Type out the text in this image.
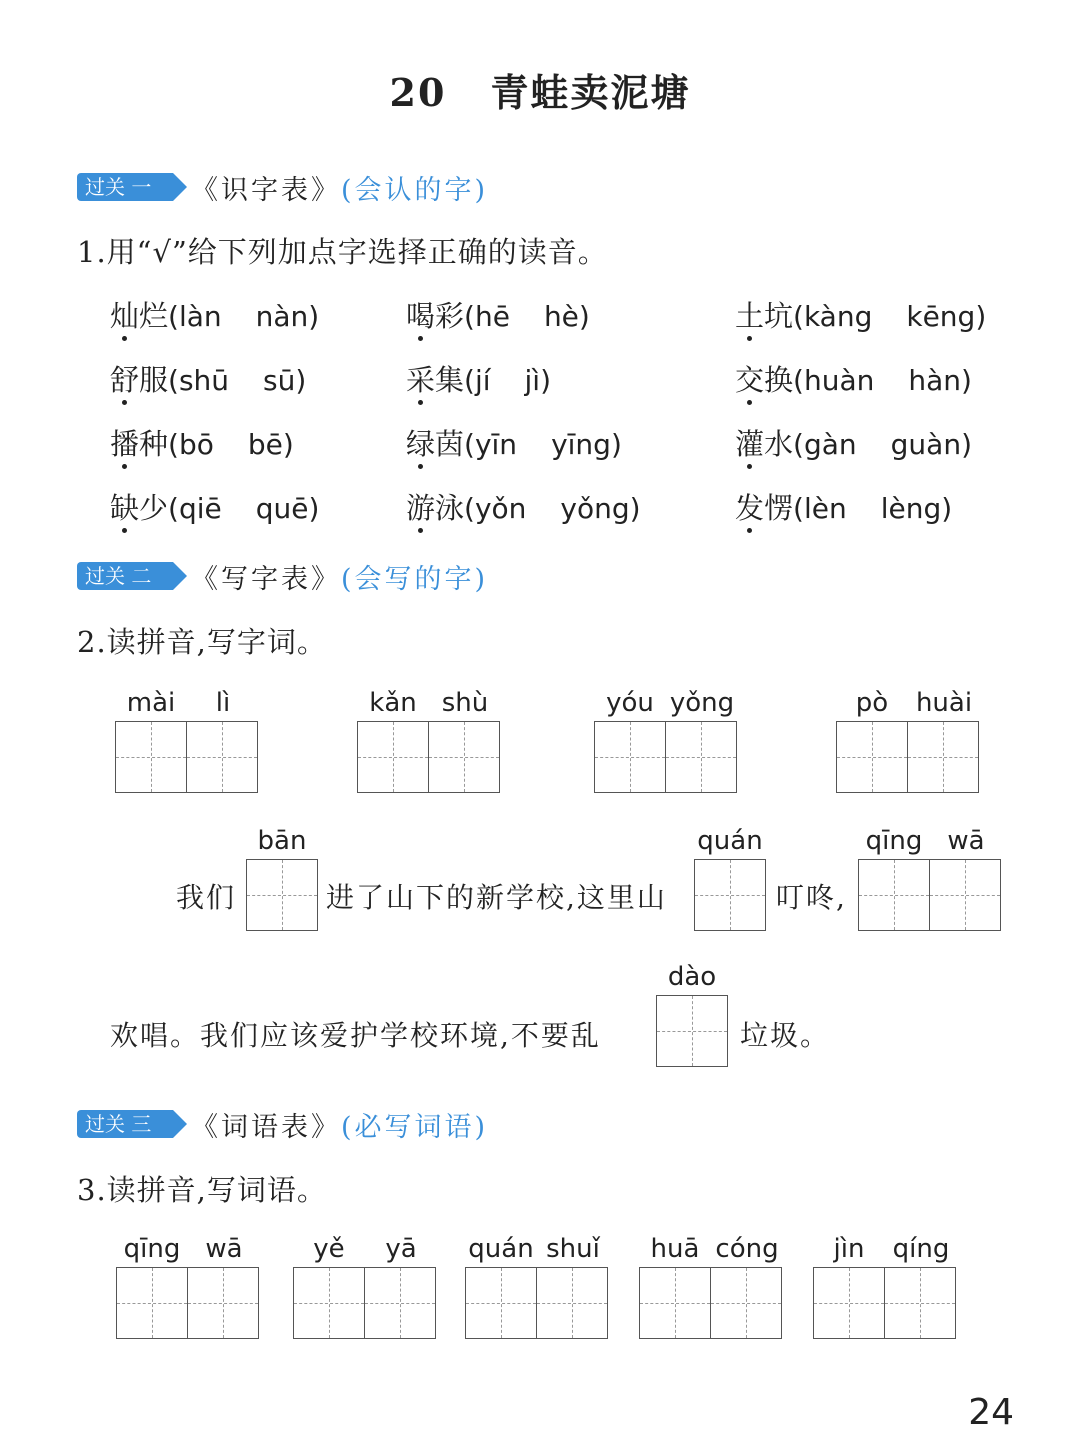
20 青蛙卖泥塘
过关 一	《识字表》(会认的字)
1.用“√”给下列加点字选择正确的读音。
灿烂(làn nàn)	喝彩(hē hè)	土坑(kàng kēng)
舒服(shū sū)	采集(jí jì)	交换(huàn hàn)
播种(bō bē)	绿茵(yīn yīng)	灌水(gàn guàn)
缺少(qiē quē)	游泳(yǒn yǒng)	发愣(lèn lèng)
过关 二	《写字表》(会写的字)
2.读拼音,写字词。
mài	lì	kǎn shù	yóu yǒng	pò	huài
我们
bān
进了山下的新学校,这里山
quán
叮咚,
qīng wā
欢唱。我们应该爱护学校环境,不要乱
dào
垃圾。
过关 三	《词语表》(必写词语)
3.读拼音,写词语。
qīng wā	yě	yā	quán shuǐ	huā cóng	jìn	qíng
24
